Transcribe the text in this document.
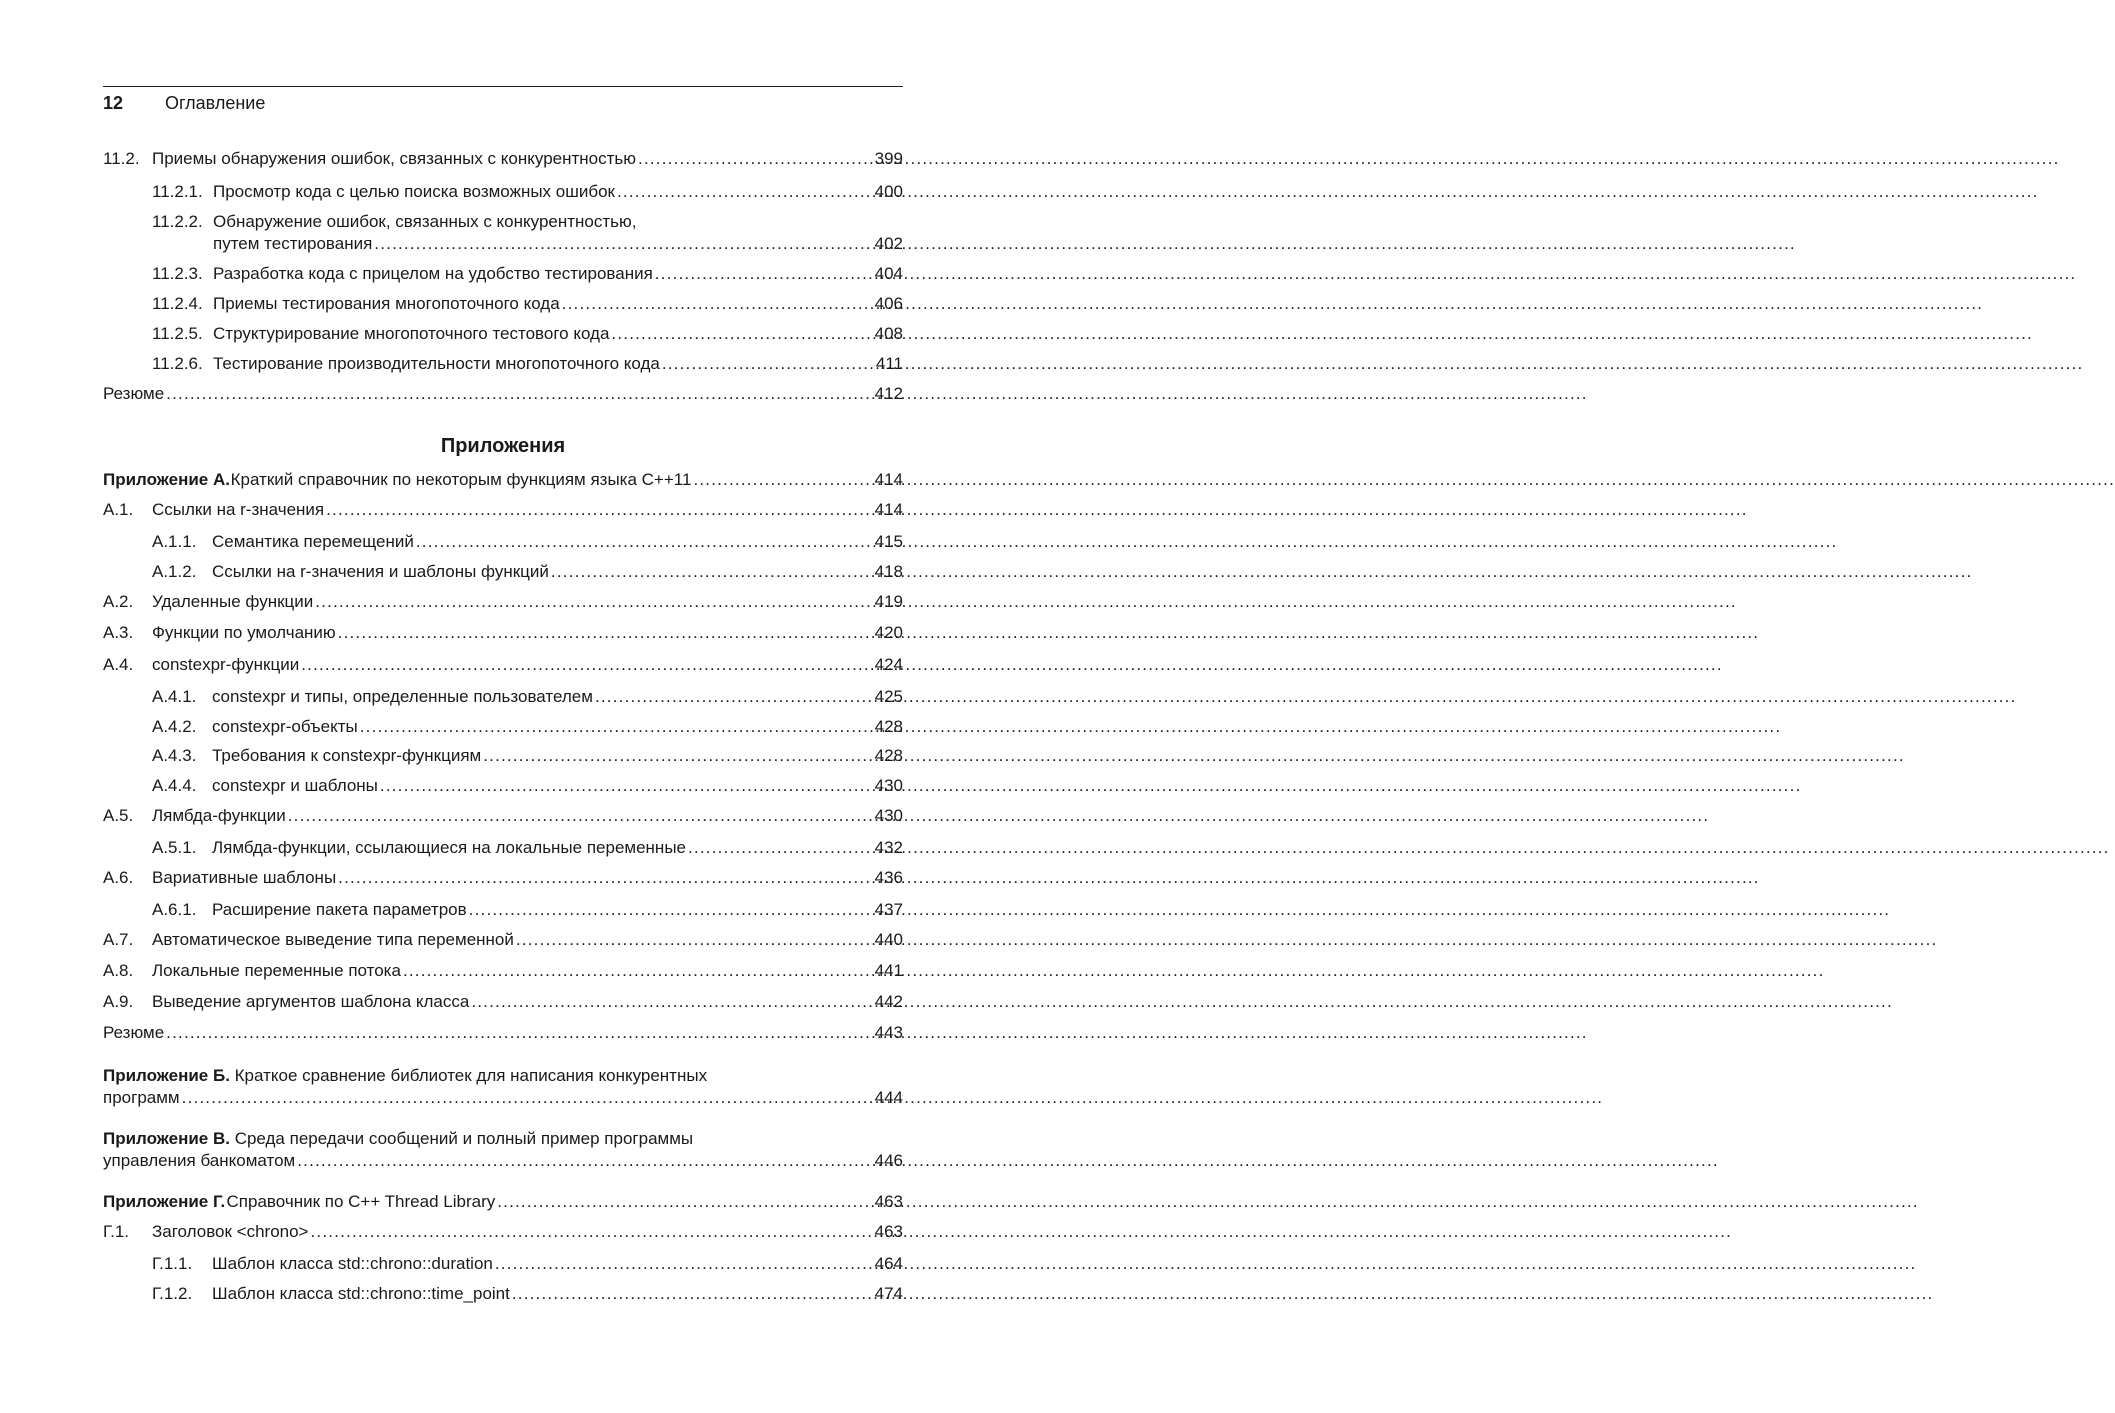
12 Оглавление
11.2. Приемы обнаружения ошибок, связанных с конкурентностью .....	399
11.2.1. Просмотр кода с целью поиска возможных ошибок .....	400
11.2.2. Обнаружение ошибок, связанных с конкурентностью,
путем тестирования .....	402
11.2.3. Разработка кода с прицелом на удобство тестирования .....	404
11.2.4. Приемы тестирования многопоточного кода .....	406
11.2.5. Структурирование многопоточного тестового кода .....	408
11.2.6. Тестирование производительности многопоточного кода .....	411
Резюме .....	412
Приложения
Приложение А. Краткий справочник по некоторым функциям языка C++11 .....	414
А.1.	Ссылки на r-значения .....	414
А.1.1. Семантика перемещений .....	415
А.1.2. Ссылки на r-значения и шаблоны функций .....	418
А.2.	Удаленные функции .....	419
А.3.	Функции по умолчанию .....	420
А.4.	constexpr-функции .....	424
А.4.1. constexpr и типы, определенные пользователем .....	425
А.4.2. constexpr-объекты .....	428
А.4.3. Требования к constexpr-функциям .....	428
А.4.4. constexpr и шаблоны .....	430
А.5.	Лямбда-функции .....	430
А.5.1. Лямбда-функции, ссылающиеся на локальные переменные .....	432
А.6.	Вариативные шаблоны .....	436
А.6.1. Расширение пакета параметров .....	437
А.7.	Автоматическое выведение типа переменной .....	440
А.8.	Локальные переменные потока .....	441
А.9.	Выведение аргументов шаблона класса .....	442
Резюме .....	443
Приложение Б. Краткое сравнение библиотек для написания конкурентных
программ .....	444
Приложение В. Среда передачи сообщений и полный пример программы
управления банкоматом .....	446
Приложение Г. Справочник по C++ Thread Library .....	463
Г.1.	Заголовок <chrono> .....	463
Г.1.1.	Шаблон класса std::chrono::duration .....	464
Г.1.2.	Шаблон класса std::chrono::time_point .....	474
